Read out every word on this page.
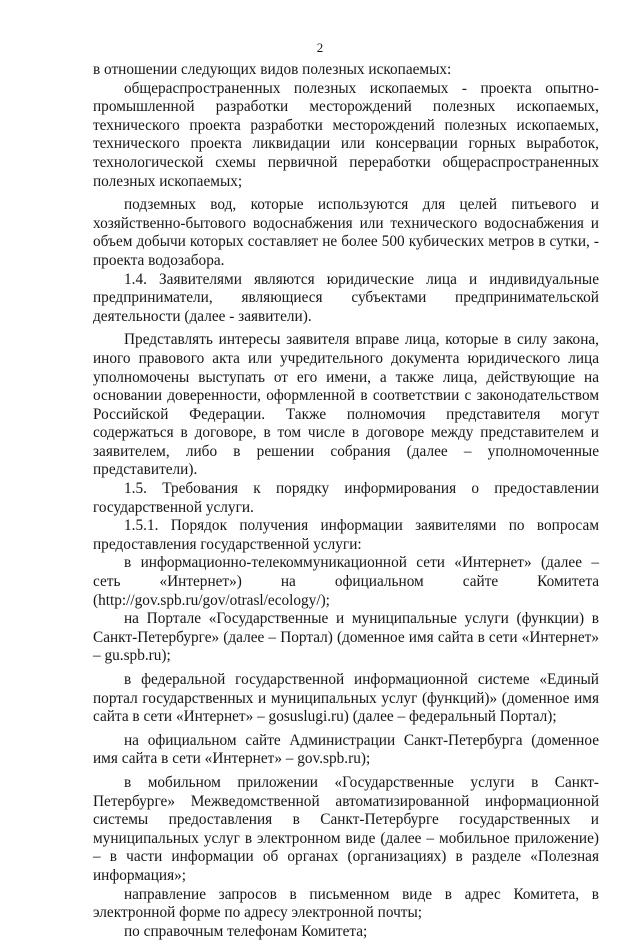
2

в отношении следующих видов полезных ископаемых:

общераспространенных полезных ископаемых - проекта опытно-промышленной разработки месторождений полезных ископаемых, технического проекта разработки месторождений полезных ископаемых, технического проекта ликвидации или консервации горных выработок, технологической схемы первичной переработки общераспространенных полезных ископаемых;

подземных вод, которые используются для целей питьевого и хозяйственно-бытового водоснабжения или технического водоснабжения и объем добычи которых составляет не более 500 кубических метров в сутки, - проекта водозабора.

1.4. Заявителями являются юридические лица и индивидуальные предприниматели, являющиеся субъектами предпринимательской деятельности (далее - заявители).

Представлять интересы заявителя вправе лица, которые в силу закона, иного правового акта или учредительного документа юридического лица уполномочены выступать от его имени, а также лица, действующие на основании доверенности, оформленной в соответствии с законодательством Российской Федерации. Также полномочия представителя могут содержаться в договоре, в том числе в договоре между представителем и заявителем, либо в решении собрания (далее – уполномоченные представители).

1.5. Требования к порядку информирования о предоставлении государственной услуги.

1.5.1. Порядок получения информации заявителями по вопросам предоставления государственной услуги:

в информационно-телекоммуникационной сети «Интернет» (далее – сеть «Интернет») на официальном сайте Комитета (http://gov.spb.ru/gov/otrasl/ecology/);

на Портале «Государственные и муниципальные услуги (функции) в Санкт-Петербурге» (далее – Портал) (доменное имя сайта в сети «Интернет» – gu.spb.ru);

в федеральной государственной информационной системе «Единый портал государственных и муниципальных услуг (функций)» (доменное имя сайта в сети «Интернет» – gosuslugi.ru) (далее – федеральный Портал);

на официальном сайте Администрации Санкт-Петербурга (доменное имя сайта в сети «Интернет» – gov.spb.ru);

в мобильном приложении «Государственные услуги в Санкт-Петербурге» Межведомственной автоматизированной информационной системы предоставления в Санкт-Петербурге государственных и муниципальных услуг в электронном виде (далее – мобильное приложение) – в части информации об органах (организациях) в разделе «Полезная информация»;

направление запросов в письменном виде в адрес Комитета, в электронной форме по адресу электронной почты;

по справочным телефонам Комитета;
